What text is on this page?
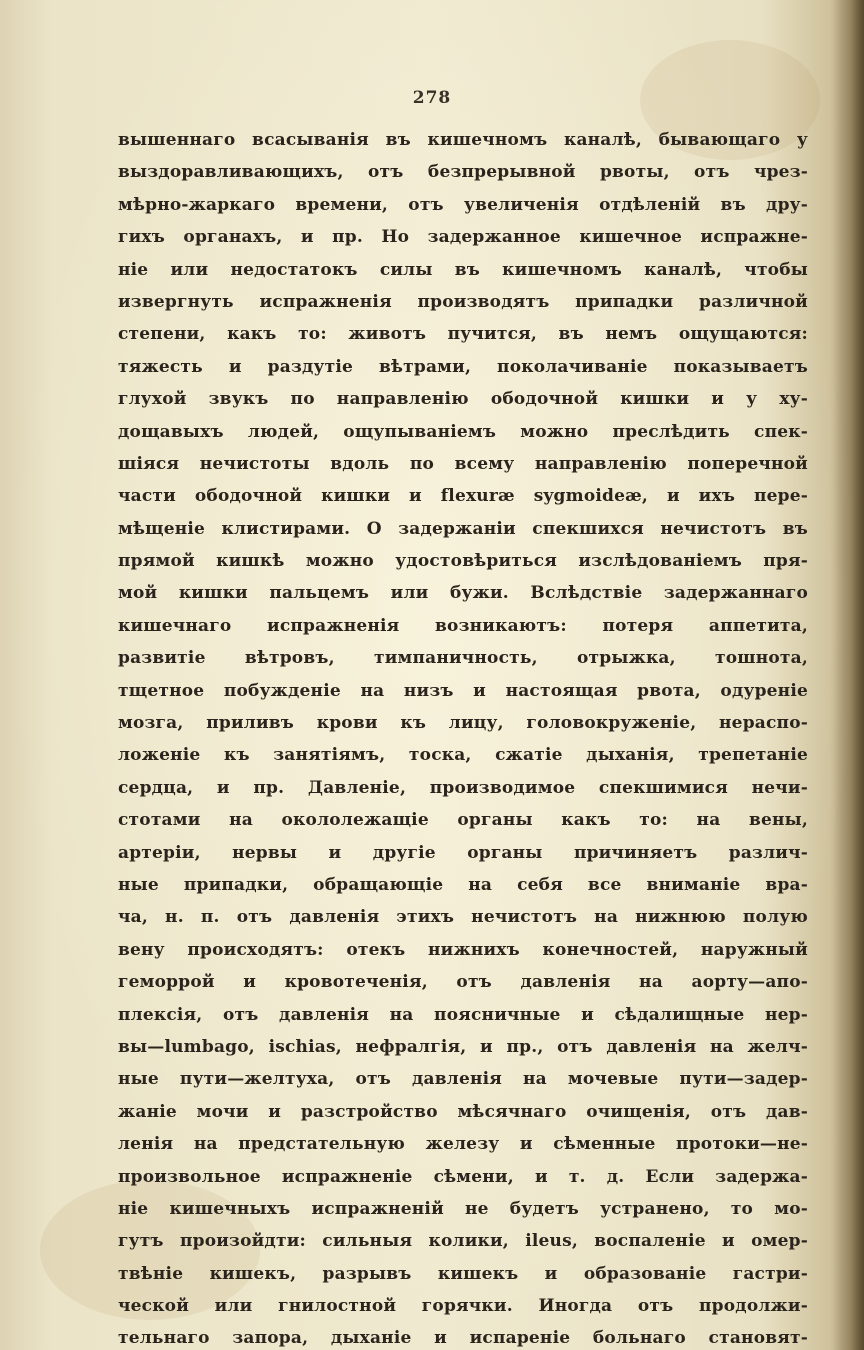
278
вышеннаго всасыванія въ кишечномъ каналѣ, бывающаго у
выздоравливающихъ, отъ безпрерывной рвоты, отъ чрез-
мѣрно-жаркаго времени, отъ увеличенія отдѣленій въ дру-
гихъ органахъ, и пр. Но задержанное кишечное испражне-
ніе или недостатокъ силы въ кишечномъ каналѣ, чтобы
извергнуть испражненія производятъ припадки различной
степени, какъ то: животъ пучится, въ немъ ощущаются:
тяжесть и раздутіе вѣтрами, поколачиваніе показываетъ
глухой звукъ по направленію ободочной кишки и у ху-
дощавыхъ людей, ощупываніемъ можно преслѣдить спек-
шіяся нечистоты вдоль по всему направленію поперечной
части ободочной кишки и flexuræ sygmoideæ, и ихъ пере-
мѣщеніе клистирами. О задержаніи спекшихся нечистотъ въ
прямой кишкѣ можно удостовѣриться изслѣдованіемъ пря-
мой кишки пальцемъ или бужи. Вслѣдствіе задержаннаго
кишечнаго испражненія возникаютъ: потеря аппетита,
развитіе вѣтровъ, тимпаничность, отрыжка, тошнота,
тщетное побужденіе на низъ и настоящая рвота, одуреніе
мозга, приливъ крови къ лицу, головокруженіе, нераспо-
ложеніе къ занятіямъ, тоска, сжатіе дыханія, трепетаніе
сердца, и пр. Давленіе, производимое спекшимися нечи-
стотами на окололежащіе органы какъ то: на вены,
артеріи, нервы и другіе органы причиняетъ различ-
ные припадки, обращающіе на себя все вниманіе вра-
ча, н. п. отъ давленія этихъ нечистотъ на нижнюю полую
вену происходятъ: отекъ нижнихъ конечностей, наружный
геморрой и кровотеченія, отъ давленія на аорту—апо-
плексія, отъ давленія на поясничные и сѣдалищные нер-
вы—lumbago, ischias, нефралгія, и пр., отъ давленія на желч-
ные пути—желтуха, отъ давленія на мочевые пути—задер-
жаніе мочи и разстройство мѣсячнаго очищенія, отъ дав-
ленія на предстательную железу и сѣменные протоки—не-
произвольное испражненіе сѣмени, и т. д. Если задержа-
ніе кишечныхъ испражненій не будетъ устранено, то мо-
гутъ произойдти: сильныя колики, ileus, воспаленіе и омер-
твѣніе кишекъ, разрывъ кишекъ и образованіе гастри-
ческой или гнилостной горячки. Иногда отъ продолжи-
тельнаго запора, дыханіе и испареніе больнаго становят-
